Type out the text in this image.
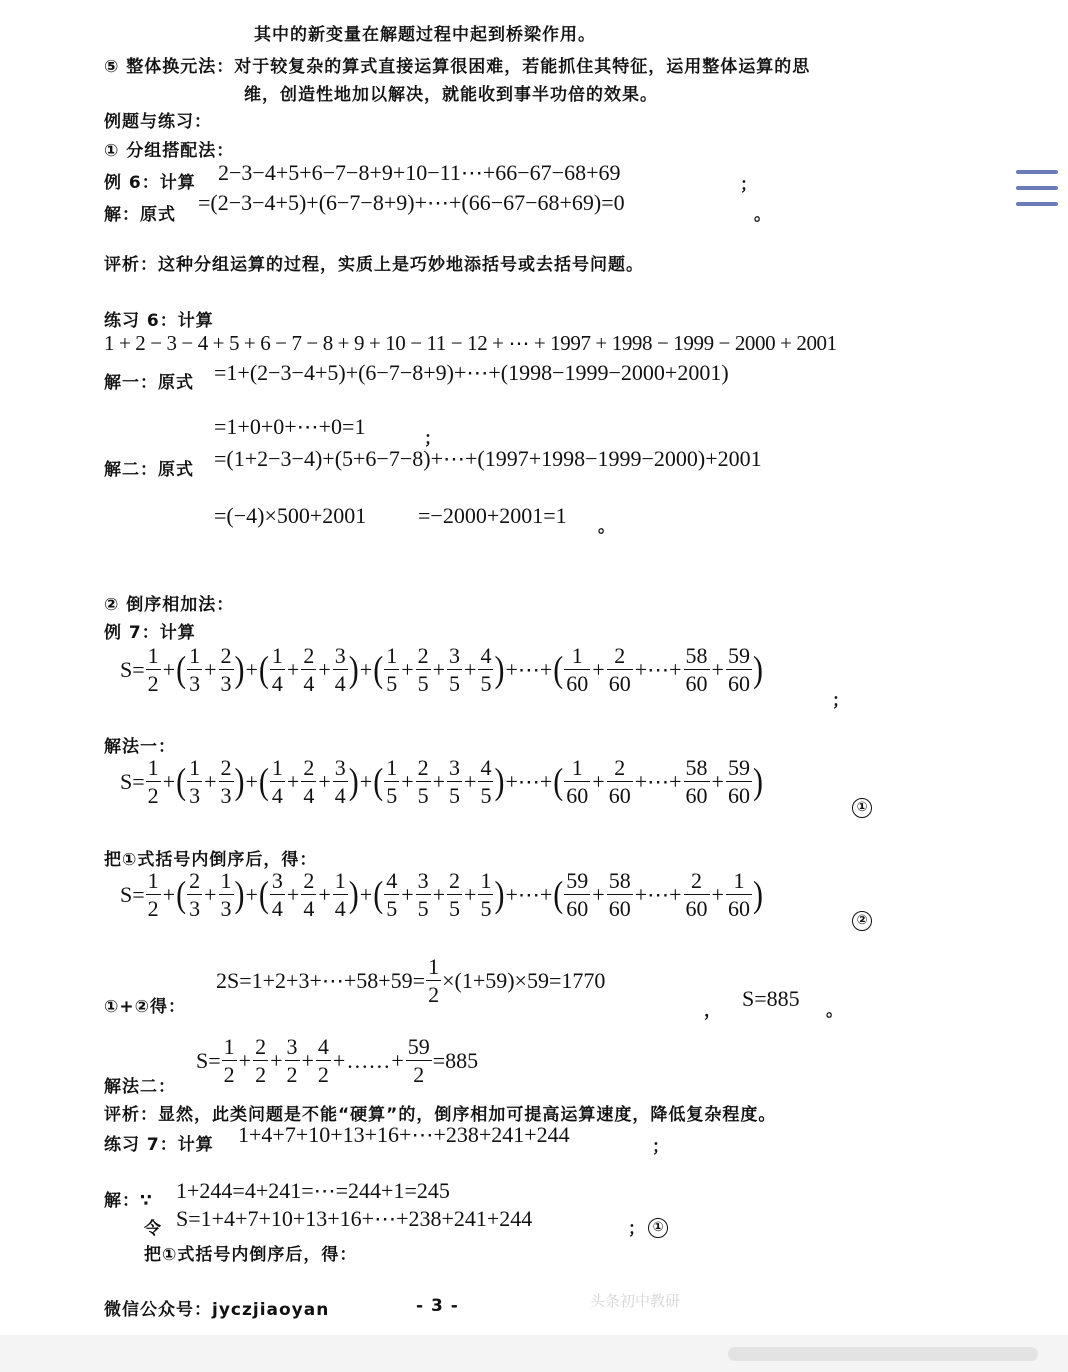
其中的新变量在解题过程中起到桥梁作用。
⑤ 整体换元法：对于较复杂的算式直接运算很困难，若能抓住其特征，运用整体运算的思
维，创造性地加以解决，就能收到事半功倍的效果。
例题与练习：
① 分组搭配法：
例 6：计算 2−3−4+5+6−7−8+9+10−11⋯+66−67−68+69	；
解：原式 =(2−3−4+5)+(6−7−8+9)+⋯+(66−67−68+69)=0	。
评析：这种分组运算的过程，实质上是巧妙地添括号或去括号问题。
练习 6：计算
1 + 2 − 3 − 4 + 5 + 6 − 7 − 8 + 9 + 10 − 11 − 12 + ⋯ + 1997 + 1998 − 1999 − 2000 + 2001
解一：原式 =1+(2−3−4+5)+(6−7−8+9)+⋯+(1998−1999−2000+2001)
=1+0+0+⋯+0=1	；
解二：原式 =(1+2−3−4)+(5+6−7−8)+⋯+(1997+1998−1999−2000)+2001
=(−4)×500+2001 =−2000+2001=1 。
② 倒序相加法：
例 7：计算
$S= \frac{1}{2}$ + ( $\frac{1}{3} + \frac{2}{3}$ ) + ( $\frac{1}{4} + \frac{2}{4} + \frac{3}{4}$ ) + ( $\frac{1}{5} + \frac{2}{5} + \frac{3}{5} + \frac{4}{5}$ ) +⋯+ ( $\frac{1}{60} + \frac{2}{60}$ +⋯+ $\frac{58}{60} + \frac{59}{60}$ )
；
解法一：
$S= \frac{1}{2}$ + ( $\frac{1}{3} + \frac{2}{3}$ ) + ( $\frac{1}{4} + \frac{2}{4} + \frac{3}{4}$ ) + ( $\frac{1}{5} + \frac{2}{5} + \frac{3}{5} + \frac{4}{5}$ ) +⋯+ ( $\frac{1}{60} + \frac{2}{60}$ +⋯+ $\frac{58}{60} + \frac{59}{60}$ )
①
把①式括号内倒序后，得：
$S= \frac{1}{2}$ + ( $\frac{2}{3} + \frac{1}{3}$ ) + ( $\frac{3}{4} + \frac{2}{4} + \frac{1}{4}$ ) + ( $\frac{4}{5} + \frac{3}{5} + \frac{2}{5} + \frac{1}{5}$ ) +⋯+ ( $\frac{59}{60} + \frac{58}{60}$ +⋯+ $\frac{2}{60} + \frac{1}{60}$ )
②
2S=1+2+3+⋯+58+59= $\frac{1}{2} \times(1+59)\times 59=1770$
①+②得：	， S=885 。
$S= \frac{1}{2} + \frac{2}{2} + \frac{3}{2} + \frac{4}{2}$ + …… + $\frac{59}{2} =885$
解法二：
评析：显然，此类问题是不能“硬算”的，倒序相加可提高运算速度，降低复杂程度。
练习 7：计算 1+4+7+10+13+16+⋯+238+241+244	；
解：∵ 1+244=4+241=⋯=244+1=245
令 S=1+4+7+10+13+16+⋯+238+241+244	； ①
把①式括号内倒序后，得：
微信公众号：jyczjiaoyan	- 3 -	头条初中教研
